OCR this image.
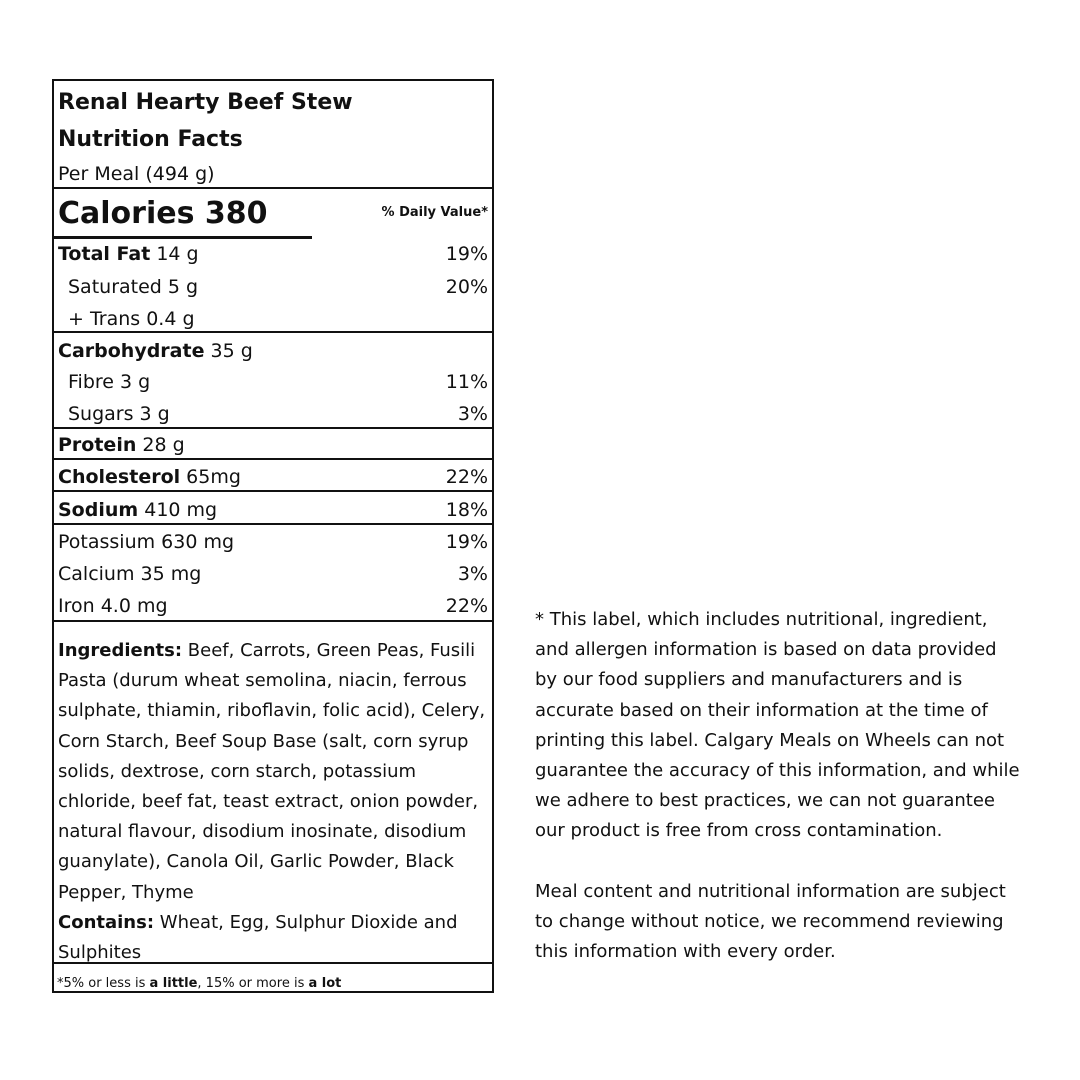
Renal Hearty Beef Stew
Nutrition Facts
Per Meal (494 g)
Calories 380	% Daily Value*
Total Fat 14 g	19%
Saturated 5 g	20%
+ Trans 0.4 g
Carbohydrate 35 g
Fibre 3 g	11%
Sugars 3 g	3%
Protein 28 g
Cholesterol 65mg	22%
Sodium 410 mg	18%
Potassium 630 mg	19%
Calcium 35 mg	3%
Iron 4.0 mg	22%
Ingredients: Beef, Carrots, Green Peas, Fusili Pasta (durum wheat semolina, niacin, ferrous sulphate, thiamin, riboflavin, folic acid), Celery, Corn Starch, Beef Soup Base (salt, corn syrup solids, dextrose, corn starch, potassium chloride, beef fat, teast extract, onion powder, natural flavour, disodium inosinate, disodium guanylate), Canola Oil, Garlic Powder, Black Pepper, Thyme
Contains: Wheat, Egg, Sulphur Dioxide and Sulphites
*5% or less is a little, 15% or more is a lot

* This label, which includes nutritional, ingredient, and allergen information is based on data provided by our food suppliers and manufacturers and is accurate based on their information at the time of printing this label. Calgary Meals on Wheels can not guarantee the accuracy of this information, and while we adhere to best practices, we can not guarantee our product is free from cross contamination.

Meal content and nutritional information are subject to change without notice, we recommend reviewing this information with every order.
